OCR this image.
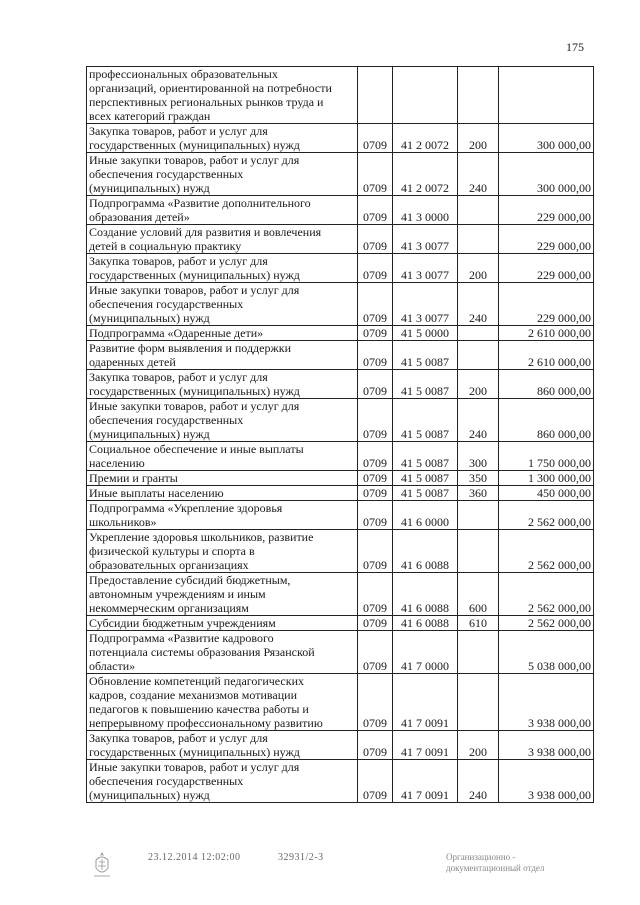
175
профессиональных образовательных
организаций, ориентированной на потребности
перспективных региональных рынков труда и
всех категорий граждан				
Закупка товаров, работ и услуг для
государственных (муниципальных) нужд	0709	41 2 0072	200	300 000,00
Иные закупки товаров, работ и услуг для
обеспечения государственных
(муниципальных) нужд	0709	41 2 0072	240	300 000,00
Подпрограмма «Развитие дополнительного
образования детей»	0709	41 3 0000		229 000,00
Создание условий для развития и вовлечения
детей в социальную практику	0709	41 3 0077		229 000,00
Закупка товаров, работ и услуг для
государственных (муниципальных) нужд	0709	41 3 0077	200	229 000,00
Иные закупки товаров, работ и услуг для
обеспечения государственных
(муниципальных) нужд	0709	41 3 0077	240	229 000,00
Подпрограмма «Одаренные дети»	0709	41 5 0000		2 610 000,00
Развитие форм выявления и поддержки
одаренных детей	0709	41 5 0087		2 610 000,00
Закупка товаров, работ и услуг для
государственных (муниципальных) нужд	0709	41 5 0087	200	860 000,00
Иные закупки товаров, работ и услуг для
обеспечения государственных
(муниципальных) нужд	0709	41 5 0087	240	860 000,00
Социальное обеспечение и иные выплаты
населению	0709	41 5 0087	300	1 750 000,00
Премии и гранты	0709	41 5 0087	350	1 300 000,00
Иные выплаты населению	0709	41 5 0087	360	450 000,00
Подпрограмма «Укрепление здоровья
школьников»	0709	41 6 0000		2 562 000,00
Укрепление здоровья школьников, развитие
физической культуры и спорта в
образовательных организациях	0709	41 6 0088		2 562 000,00
Предоставление субсидий бюджетным,
автономным учреждениям и иным
некоммерческим организациям	0709	41 6 0088	600	2 562 000,00
Субсидии бюджетным учреждениям	0709	41 6 0088	610	2 562 000,00
Подпрограмма «Развитие кадрового
потенциала системы образования Рязанской
области»	0709	41 7 0000		5 038 000,00
Обновление компетенций педагогических
кадров, создание механизмов мотивации
педагогов к повышению качества работы и
непрерывному профессиональному развитию	0709	41 7 0091		3 938 000,00
Закупка товаров, работ и услуг для
государственных (муниципальных) нужд	0709	41 7 0091	200	3 938 000,00
Иные закупки товаров, работ и услуг для
обеспечения государственных
(муниципальных) нужд	0709	41 7 0091	240	3 938 000,00
23.12.2014 12:02:00	32931/2-3	Организационно -
документационный отдел
